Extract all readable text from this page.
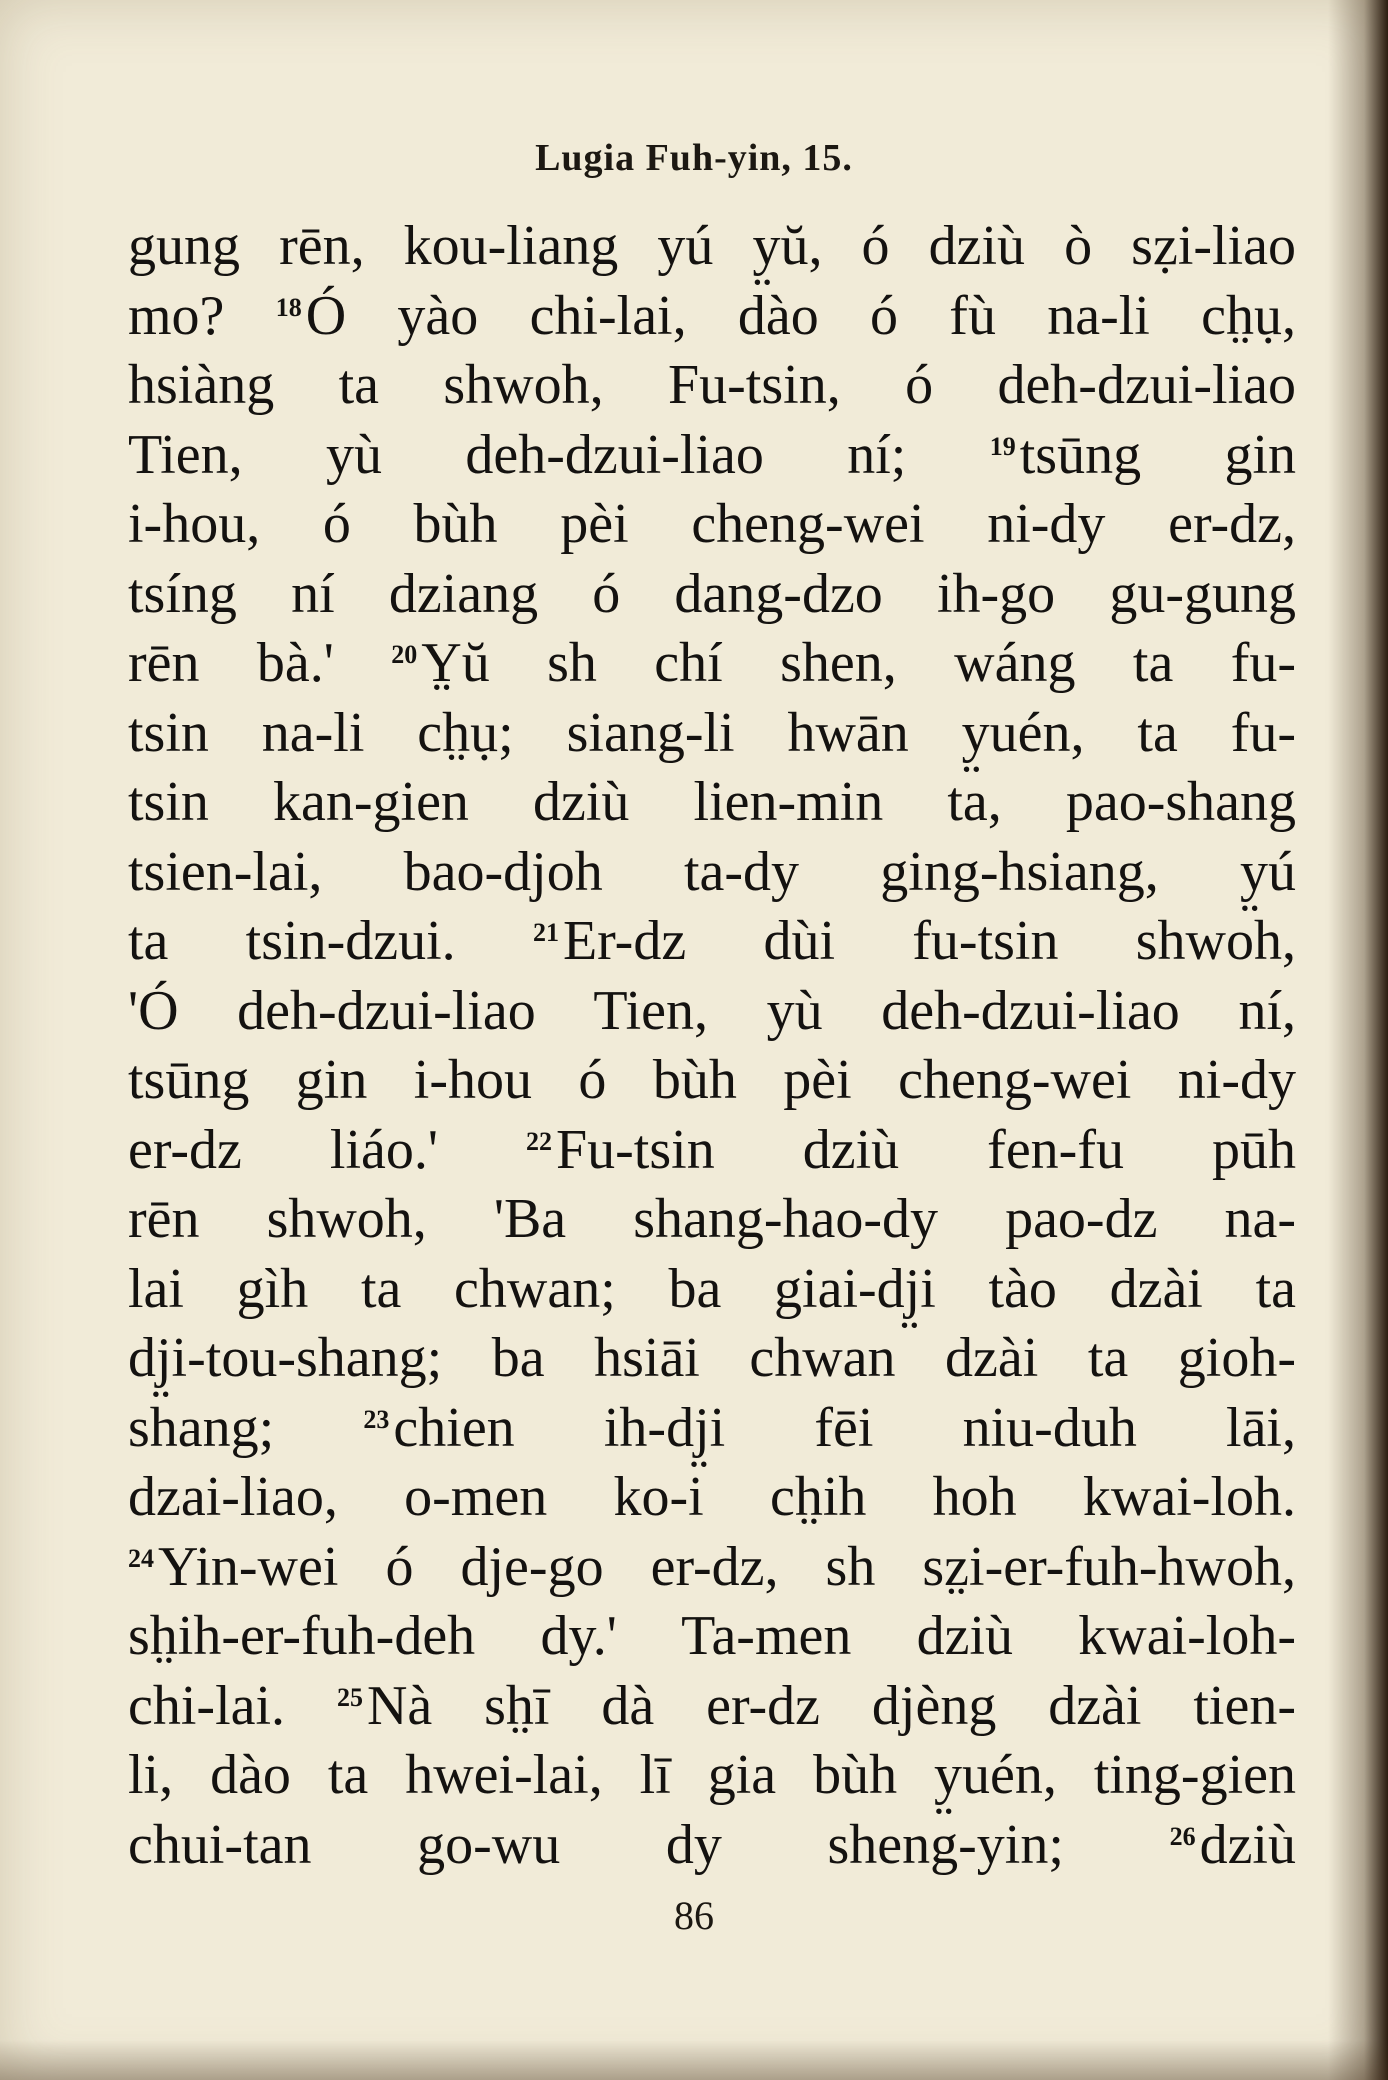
Lugia Fuh-yin, 15.
gung rēn, kou-liang yú y̤ŭ, ó dziù ò sẓi-liao
mo? $^{18}$Ó yào chi-lai, dào ó fù na-li ch̤ụ,
hsiàng ta shwoh, Fu-tsin, ó deh-dzui-liao
Tien, yù deh-dzui-liao ní; $^{19}$tsūng gin
i-hou, ó bùh pèi cheng-wei ni-dy er-dz,
tsíng ní dziang ó dang-dzo ih-go gu-gung
rēn bà.' $^{20}$Y̤ŭ sh chí shen, wáng ta fu-
tsin na-li ch̤ụ; siang-li hwān y̤uén, ta fu-
tsin kan-gien dziù lien-min ta, pao-shang
tsien-lai, bao-djoh ta-dy ging-hsiang, y̤ú
ta tsin-dzui. $^{21}$Er-dz dùi fu-tsin shwoh,
'Ó deh-dzui-liao Tien, yù deh-dzui-liao ní,
tsūng gin i-hou ó bùh pèi cheng-wei ni-dy
er-dz liáo.' $^{22}$Fu-tsin dziù fen-fu pūh
rēn shwoh, 'Ba shang-hao-dy pao-dz na-
lai gìh ta chwan; ba giai-dj̤i tào dzài ta
dj̤i-tou-shang; ba hsiāi chwan dzài ta gioh-
shang; $^{23}$chien ih-dj̤i fēi niu-duh lāi,
dzai-liao, o-men ko-i ch̤ih hoh kwai-loh.
$^{24}$Yin-wei ó dje-go er-dz, sh sz̤i-er-fuh-hwoh,
sh̤ih-er-fuh-deh dy.' Ta-men dziù kwai-loh-
chi-lai. $^{25}$Nà sh̤ī dà er-dz djèng dzài tien-
li, dào ta hwei-lai, lī gia bùh y̤uén, ting-gien
chui-tan go-wu dy sheng-yin; $^{26}$dziù
86
